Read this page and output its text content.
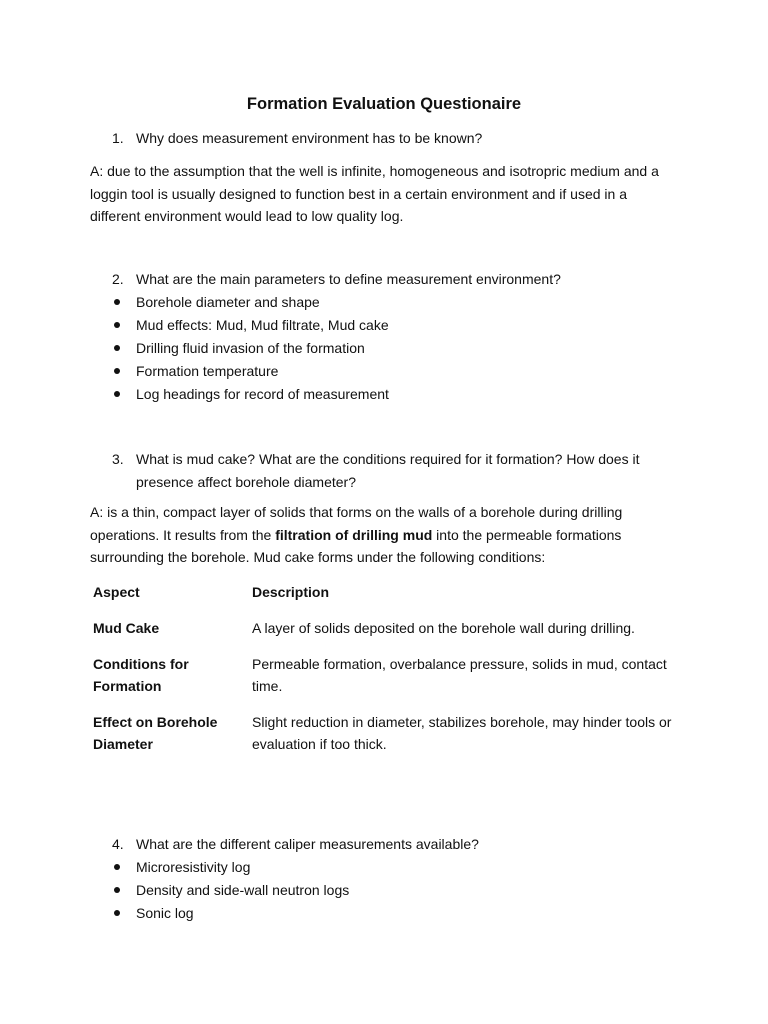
Formation Evaluation Questionaire
1. Why does measurement environment has to be known?
A: due to the assumption that the well is infinite, homogeneous and isotropric medium and a loggin tool is usually designed to function best in a certain environment and if used in a different environment would lead to low quality log.
2. What are the main parameters to define measurement environment?
Borehole diameter and shape
Mud effects: Mud, Mud filtrate, Mud cake
Drilling fluid invasion of the formation
Formation temperature
Log headings for record of measurement
3. What is mud cake? What are the conditions required for it formation? How does it presence affect borehole diameter?
A: is a thin, compact layer of solids that forms on the walls of a borehole during drilling operations. It results from the filtration of drilling mud into the permeable formations surrounding the borehole. Mud cake forms under the following conditions:
Aspect	Description
Mud Cake	A layer of solids deposited on the borehole wall during drilling.
Conditions for Formation
Permeable formation, overbalance pressure, solids in mud, contact time.
Effect on Borehole Diameter
Slight reduction in diameter, stabilizes borehole, may hinder tools or evaluation if too thick.
4. What are the different caliper measurements available?
Microresistivity log
Density and side-wall neutron logs
Sonic log
